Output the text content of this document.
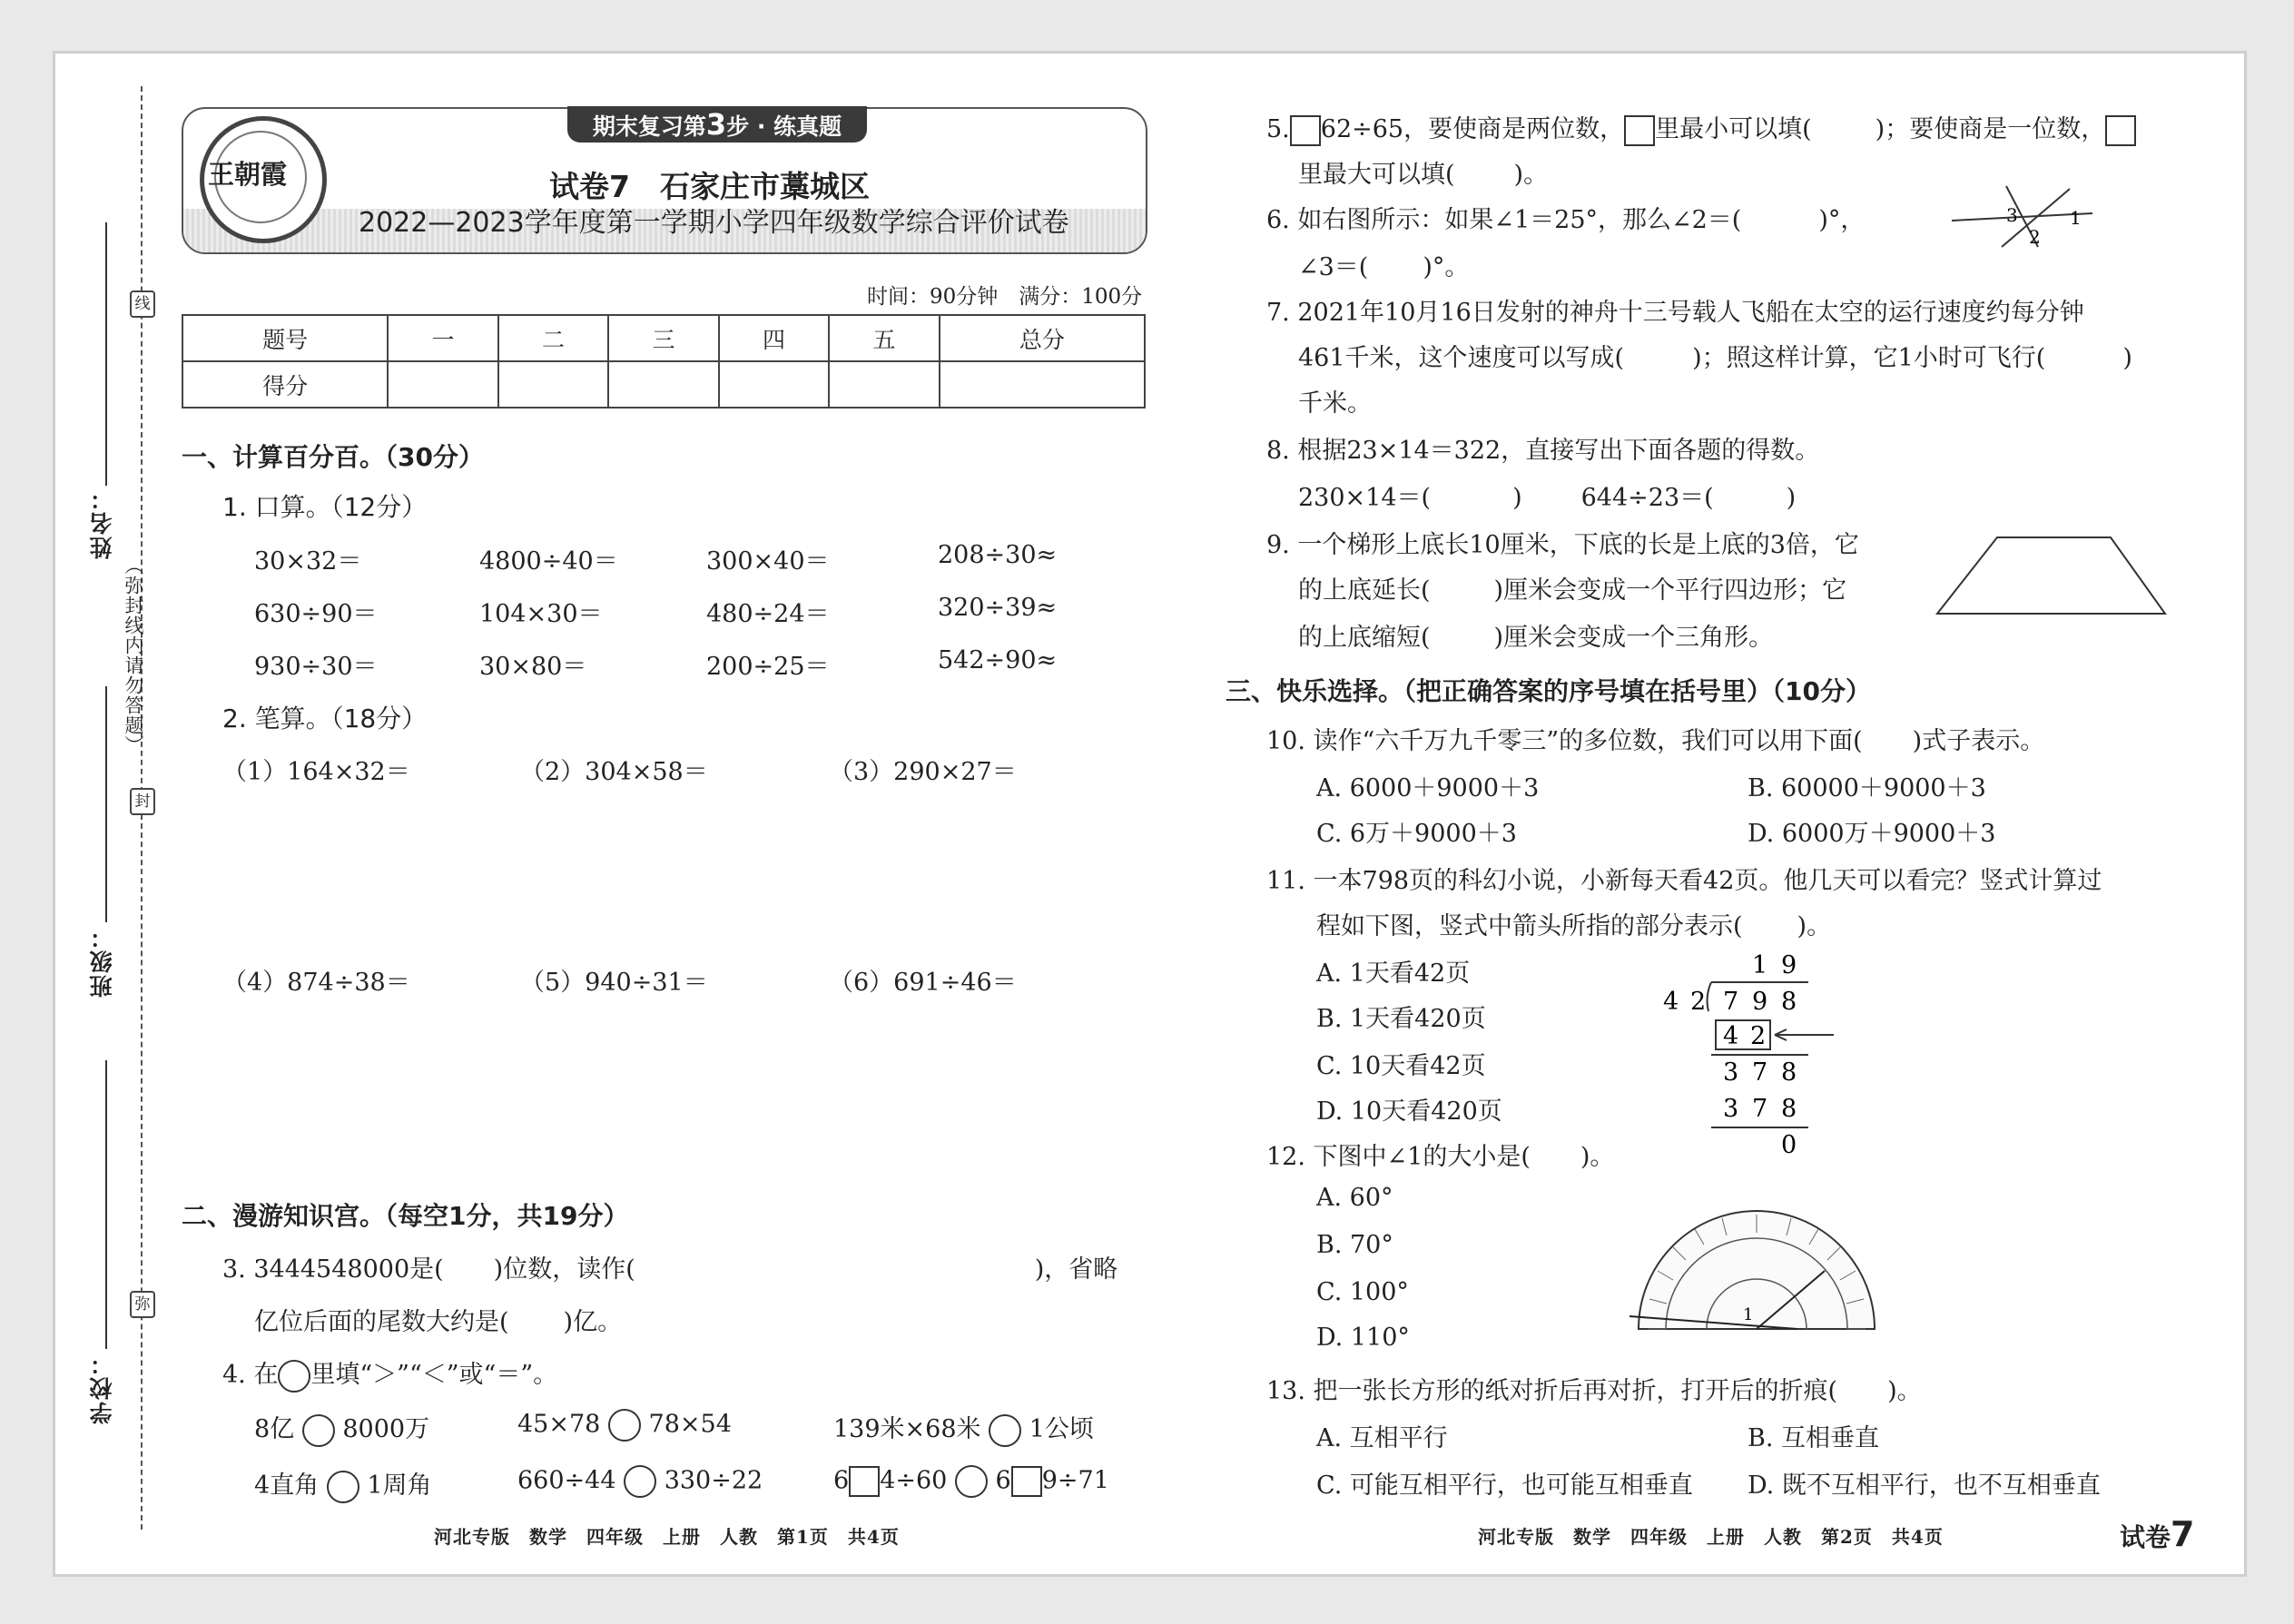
线
封
弥
（弥封线内请勿答题）
姓名：
班级：
学校：
王朝霞
期末复习第3步 · 练真题
试卷7　石家庄市藁城区
2022—2023学年度第一学期小学四年级数学综合评价试卷
时间：90分钟　满分：100分
题号	一	二	三	四	五	总分
得分						
一、计算百分百。（30分）
1. 口算。（12分）
30×32＝	4800÷40＝	300×40＝	208÷30≈
630÷90＝	104×30＝	480÷24＝	320÷39≈
930÷30＝	30×80＝	200÷25＝	542÷90≈
2. 笔算。（18分）
（1）164×32＝	（2）304×58＝	（3）290×27＝
（4）874÷38＝	（5）940÷31＝	（6）691÷46＝
二、漫游知识宫。（每空1分，共19分）
3. 3444548000是( )位数，读作(	)，省略
亿位后面的尾数大约是( )亿。
4. 在 里填“＞”“＜”或“＝”。
8亿 8000万	45×78 78×54	139米×68米 1公顷
4直角 1周角	660÷44 330÷22	6 4÷60 6 9÷71
河北专版　数学　四年级　上册　人教　第1页　共4页
5. 62÷65，要使商是两位数， 里最小可以填(	)；要使商是一位数，
里最大可以填( )。
6. 如右图所示：如果∠1＝25°，那么∠2＝(	)°，
∠3＝( )°。
3	1
2
7. 2021年10月16日发射的神舟十三号载人飞船在太空的运行速度约每分钟
461千米，这个速度可以写成(	)；照这样计算，它1小时可飞行(	)
千米。
8. 根据23×14＝322，直接写出下面各题的得数。
230×14＝(	) 644÷23＝(	)
9. 一个梯形上底长10厘米，下底的长是上底的3倍，它
的上底延长(	)厘米会变成一个平行四边形；它
的上底缩短(	)厘米会变成一个三角形。
三、快乐选择。（把正确答案的序号填在括号里）（10分）
10. 读作“六千万九千零三”的多位数，我们可以用下面( )式子表示。
A. 6000＋9000＋3	B. 60000＋9000＋3
C. 6万＋9000＋3	D. 6000万＋9000＋3
11. 一本798页的科幻小说，小新每天看42页。他几天可以看完？竖式计算过
程如下图，竖式中箭头所指的部分表示( )。
A. 1天看42页
B. 1天看420页
C. 10天看42页
D. 10天看420页
1 9
4 2 7 9 8
4 2
3 7 8
3 7 8
0
12. 下图中∠1的大小是( )。
A. 60°
B. 70°
C. 100°
D. 110°
1
13. 把一张长方形的纸对折后再对折，打开后的折痕( )。
A. 互相平行	B. 互相垂直
C. 可能互相平行，也可能互相垂直 D. 既不互相平行，也不互相垂直
河北专版　数学　四年级　上册　人教　第2页　共4页	试卷7
